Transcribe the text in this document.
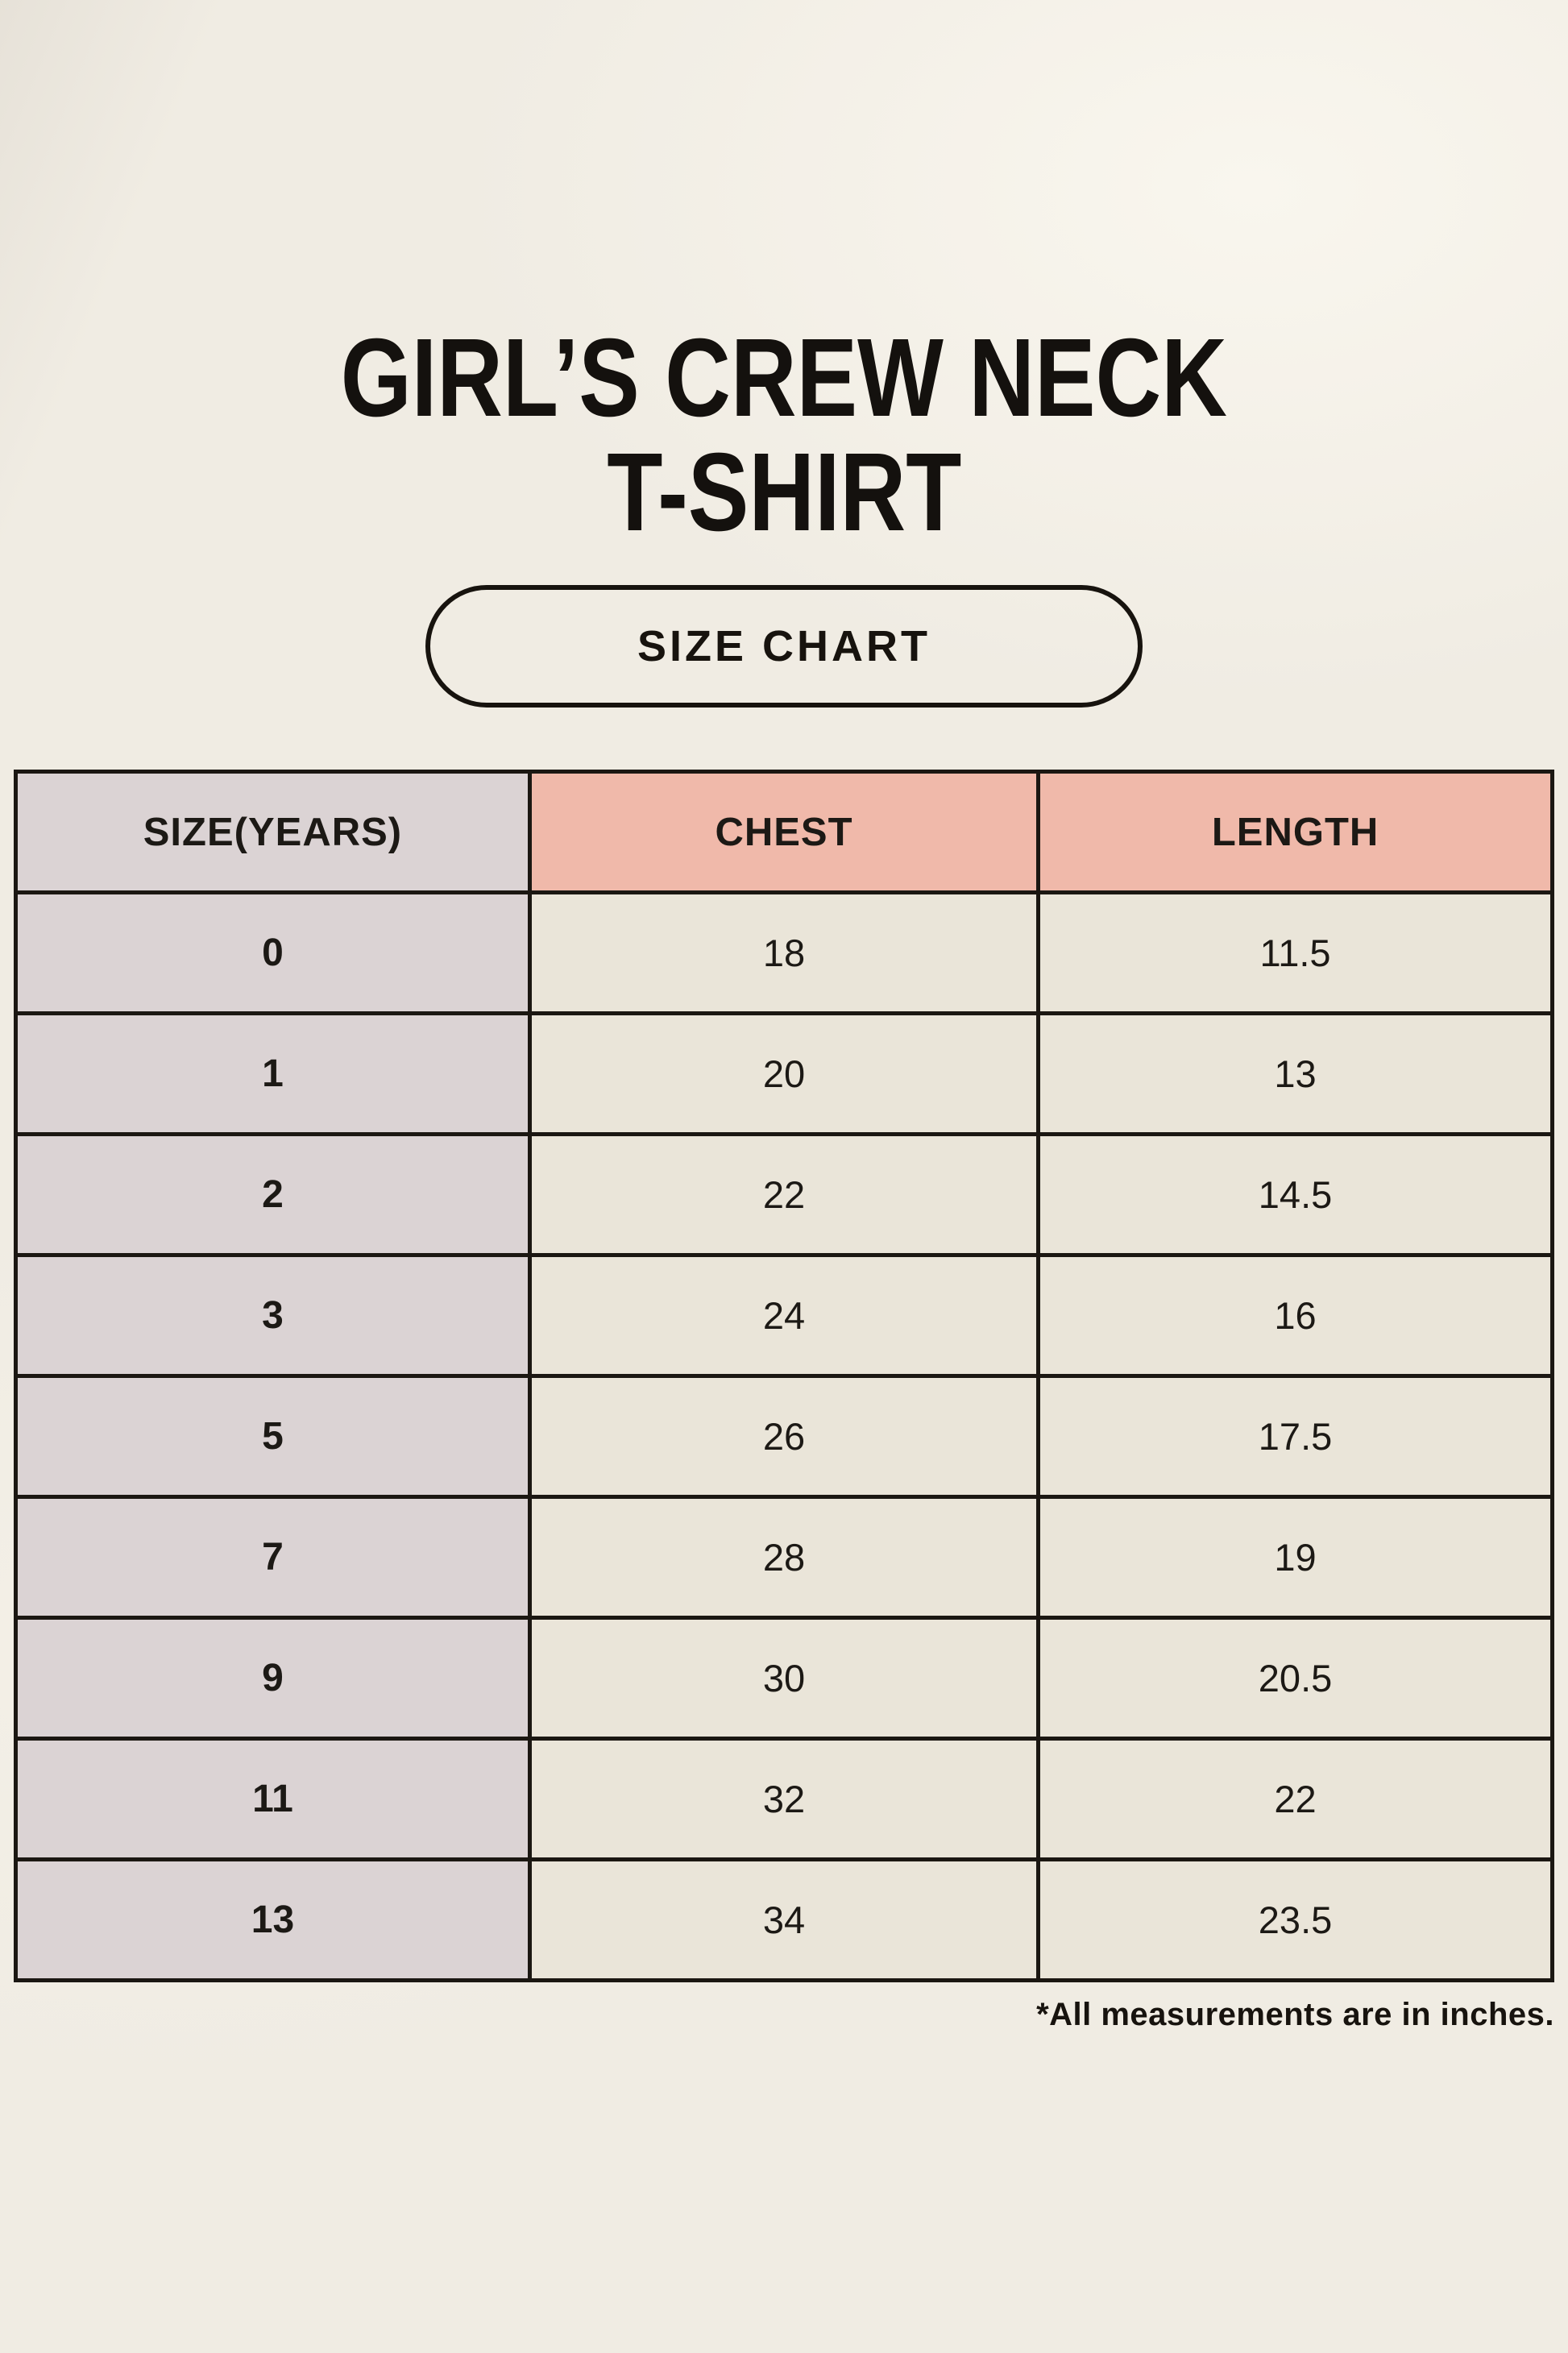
GIRL’S CREW NECK
T-SHIRT
SIZE CHART
SIZE(YEARS)	CHEST	LENGTH
0	18	11.5
1	20	13
2	22	14.5
3	24	16
5	26	17.5
7	28	19
9	30	20.5
11	32	22
13	34	23.5
*All measurements are in inches.
